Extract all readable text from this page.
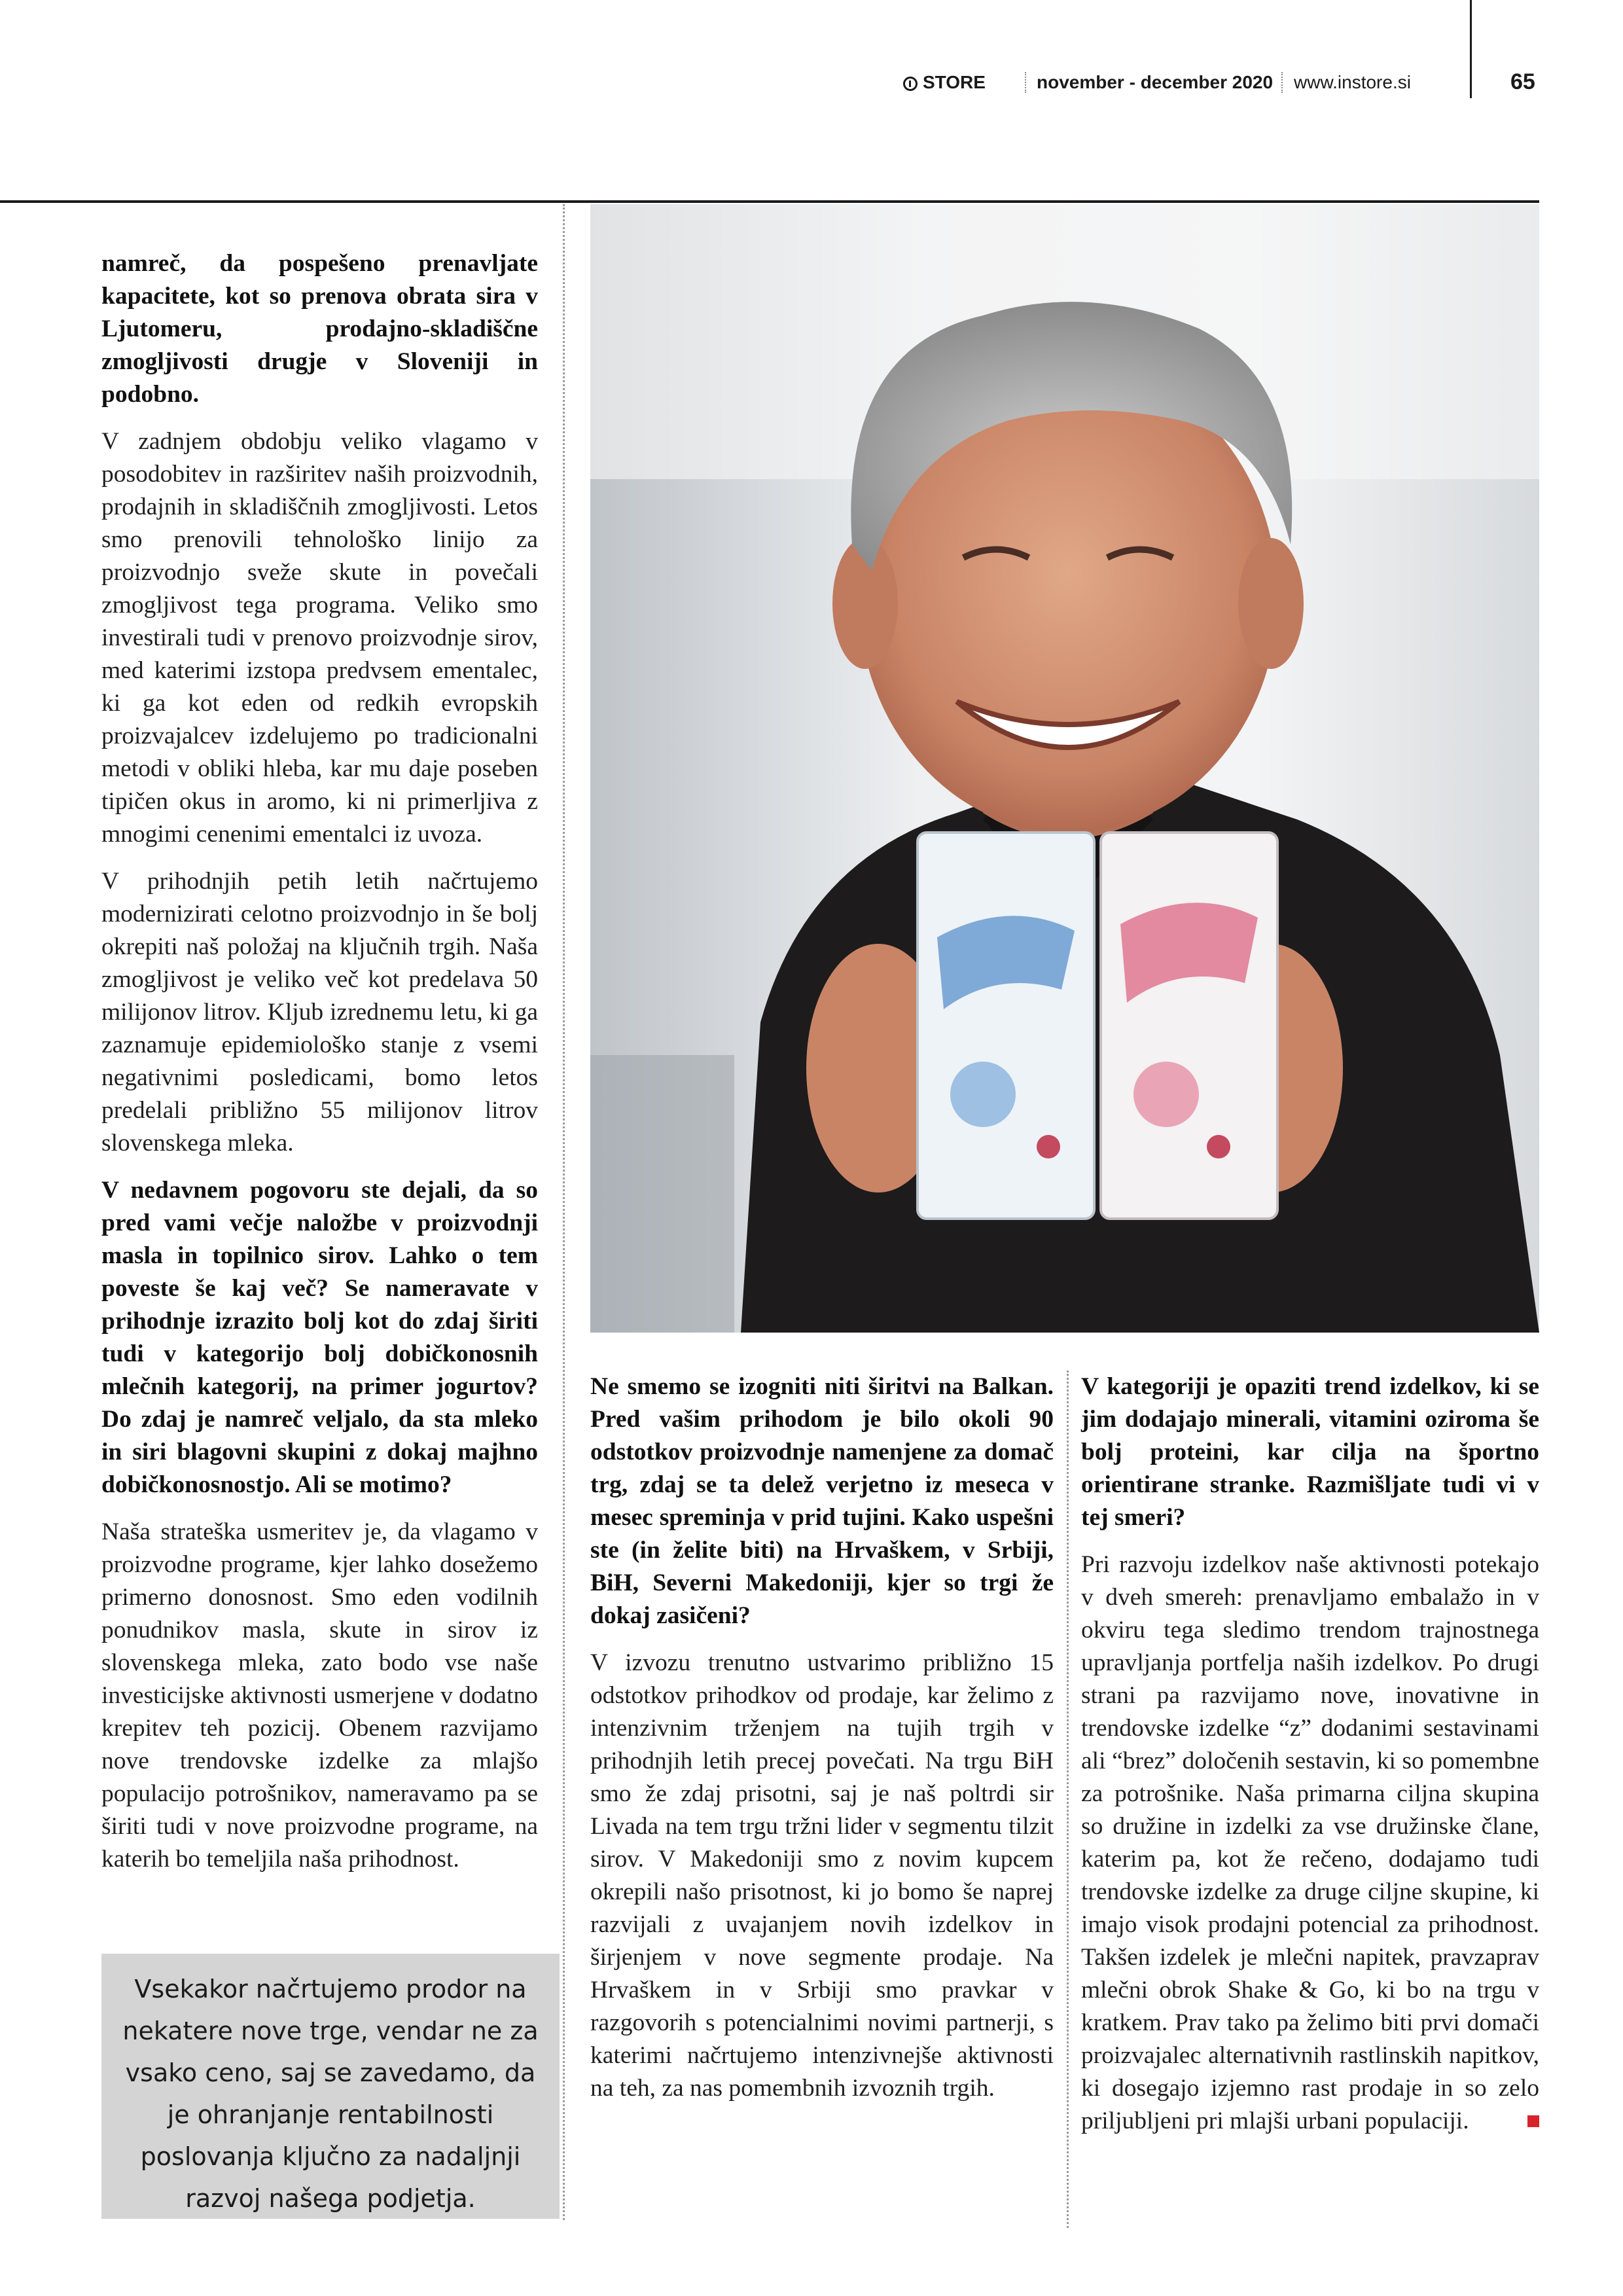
STORE	november - december 2020 www.instore.si	65

namreč, da pospešeno prenavljate kapacitete, kot so prenova obrata sira v Ljutomeru, prodajno-skladiščne zmogljivosti drugje v Sloveniji in podobno.

V zadnjem obdobju veliko vlagamo v posodobitev in razširitev naših proizvodnih, prodajnih in skladiščnih zmogljivosti. Letos smo prenovili tehnološko linijo za proizvodnjo sveže skute in povečali zmogljivost tega programa. Veliko smo investirali tudi v prenovo proizvodnje sirov, med katerimi izstopa predvsem ementalec, ki ga kot eden od redkih evropskih proizvajalcev izdelujemo po tradicionalni metodi v obliki hleba, kar mu daje poseben tipičen okus in aromo, ki ni primerljiva z mnogimi cenenimi ementalci iz uvoza.

V prihodnjih petih letih načrtujemo modernizirati celotno proizvodnjo in še bolj okrepiti naš položaj na ključnih trgih. Naša zmogljivost je veliko več kot predelava 50 milijonov litrov. Kljub izrednemu letu, ki ga zaznamuje epidemiološko stanje z vsemi negativnimi posledicami, bomo letos predelali približno 55 milijonov litrov slovenskega mleka.

V nedavnem pogovoru ste dejali, da so pred vami večje naložbe v proizvodnji masla in topilnico sirov. Lahko o tem poveste še kaj več? Se nameravate v prihodnje izrazito bolj kot do zdaj širiti tudi v kategorijo bolj dobičkonosnih mlečnih kategorij, na primer jogurtov? Do zdaj je namreč veljalo, da sta mleko in siri blagovni skupini z dokaj majhno dobičkonosnostjo. Ali se motimo?

Naša strateška usmeritev je, da vlagamo v proizvodne programe, kjer lahko dosežemo primerno donosnost. Smo eden vodilnih ponudnikov masla, skute in sirov iz slovenskega mleka, zato bodo vse naše investicijske aktivnosti usmerjene v dodatno krepitev teh pozicij. Obenem razvijamo nove trendovske izdelke za mlajšo populacijo potrošnikov, nameravamo pa se širiti tudi v nove proizvodne programe, na katerih bo temeljila naša prihodnost.

Vsekakor načrtujemo prodor na nekatere nove trge, vendar ne za vsako ceno, saj se zavedamo, da je ohranjanje rentabilnosti poslovanja ključno za nadaljnji razvoj našega podjetja.

Ne smemo se izogniti niti širitvi na Balkan. Pred vašim prihodom je bilo okoli 90 odstotkov proizvodnje namenjene za domač trg, zdaj se ta delež verjetno iz meseca v mesec spreminja v prid tujini. Kako uspešni ste (in želite biti) na Hrvaškem, v Srbiji, BiH, Severni Makedoniji, kjer so trgi že dokaj zasičeni?

V izvozu trenutno ustvarimo približno 15 odstotkov prihodkov od prodaje, kar želimo z intenzivnim trženjem na tujih trgih v prihodnjih letih precej povečati. Na trgu BiH smo že zdaj prisotni, saj je naš poltrdi sir Livada na tem trgu tržni lider v segmentu tilzit sirov. V Makedoniji smo z novim kupcem okrepili našo prisotnost, ki jo bomo še naprej razvijali z uvajanjem novih izdelkov in širjenjem v nove segmente prodaje. Na Hrvaškem in v Srbiji smo pravkar v razgovorih s potencialnimi novimi partnerji, s katerimi načrtujemo intenzivnejše aktivnosti na teh, za nas pomembnih izvoznih trgih.

V kategoriji je opaziti trend izdelkov, ki se jim dodajajo minerali, vitamini oziroma še bolj proteini, kar cilja na športno orientirane stranke. Razmišljate tudi vi v tej smeri?

Pri razvoju izdelkov naše aktivnosti potekajo v dveh smereh: prenavljamo embalažo in v okviru tega sledimo trendom trajnostnega upravljanja portfelja naših izdelkov. Po drugi strani pa razvijamo nove, inovativne in trendovske izdelke “z” dodanimi sestavinami ali “brez” določenih sestavin, ki so pomembne za potrošnike. Naša primarna ciljna skupina so družine in izdelki za vse družinske člane, katerim pa, kot že rečeno, dodajamo tudi trendovske izdelke za druge ciljne skupine, ki imajo visok prodajni potencial za prihodnost. Takšen izdelek je mlečni napitek, pravzaprav mlečni obrok Shake & Go, ki bo na trgu v kratkem. Prav tako pa želimo biti prvi domači proizvajalec alternativnih rastlinskih napitkov, ki dosegajo izjemno rast prodaje in so zelo priljubljeni pri mlajši urbani populaciji.
